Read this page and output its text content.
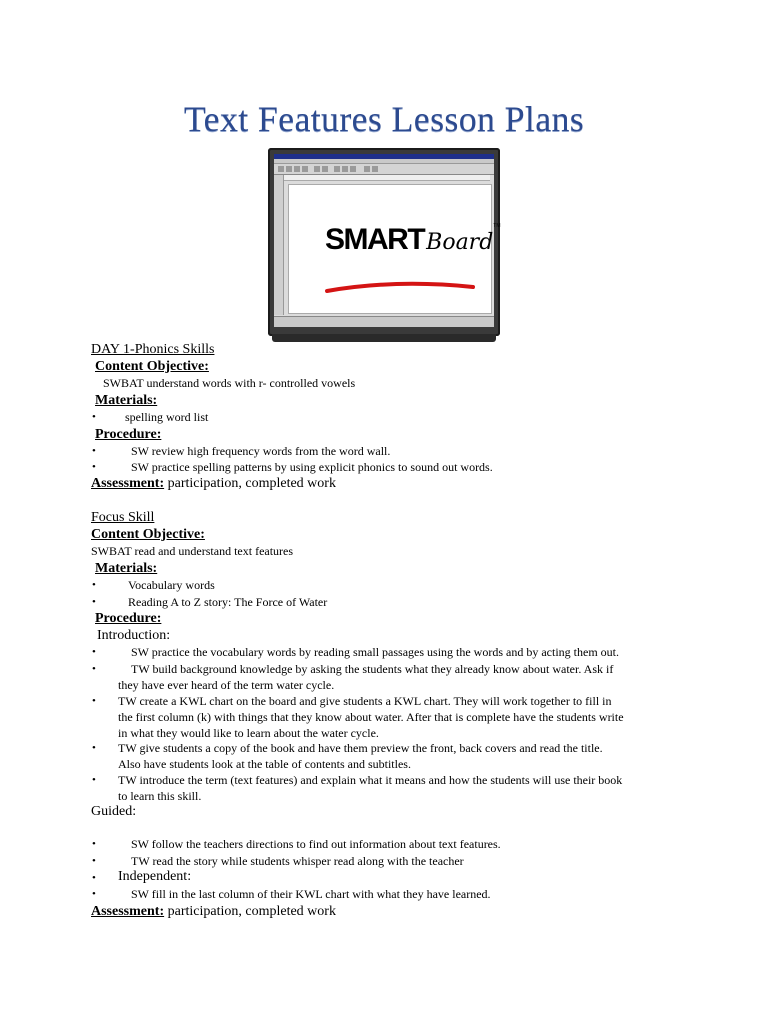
Text Features Lesson Plans
SMARTBoard™
DAY 1-Phonics Skills
Content Objective:
SWBAT understand words with r- controlled vowels
Materials:
• spelling word list
Procedure:
•	SW review high frequency words from the word wall.
•	SW practice spelling patterns by using explicit phonics to sound out words.
Assessment: participation, completed work
Focus Skill
Content Objective:
SWBAT read and understand text features
Materials:
•	Vocabulary words
•	Reading A to Z story: The Force of Water
Procedure:
Introduction:
•	SW practice the vocabulary words by reading small passages using the words and by acting them out.
•	TW build background knowledge by asking the students what they already know about water. Ask if
they have ever heard of the term water cycle.
• TW create a KWL chart on the board and give students a KWL chart. They will work together to fill in
the first column (k) with things that they know about water. After that is complete have the students write
in what they would like to learn about the water cycle.
• TW give students a copy of the book and have them preview the front, back covers and read the title.
Also have students look at the table of contents and subtitles.
• TW introduce the term (text features) and explain what it means and how the students will use their book
to learn this skill.
Guided:
•	SW follow the teachers directions to find out information about text features.
•	TW read the story while students whisper read along with the teacher
• Independent:
•	SW fill in the last column of their KWL chart with what they have learned.
Assessment: participation, completed work
